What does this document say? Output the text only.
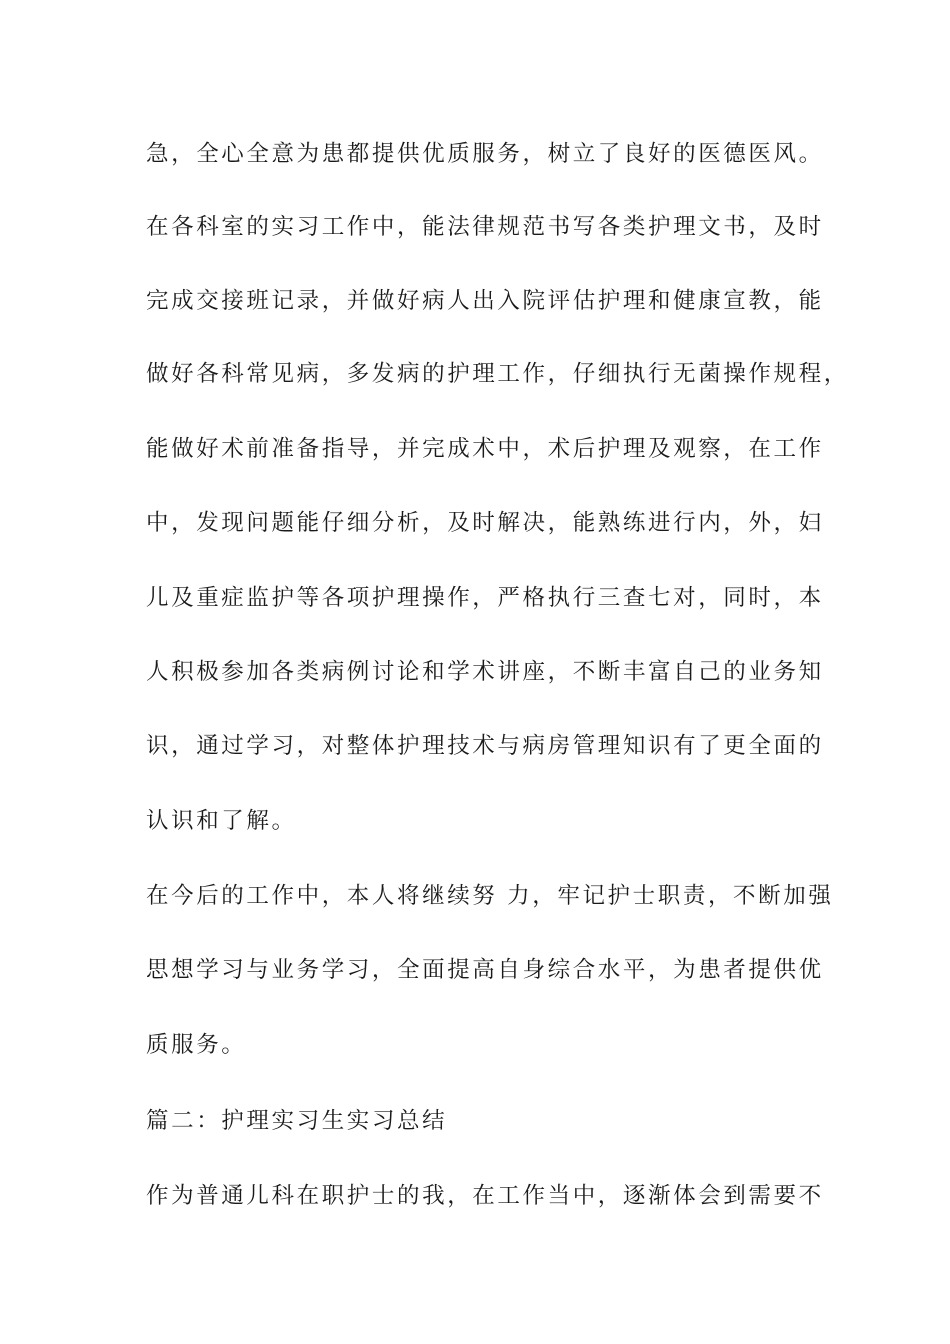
急，全心全意为患都提供优质服务，树立了良好的医德医风。
在各科室的实习工作中，能法律规范书写各类护理文书，及时
完成交接班记录，并做好病人出入院评估护理和健康宣教，能
做好各科常见病，多发病的护理工作，仔细执行无菌操作规程，
能做好术前准备指导，并完成术中，术后护理及观察，在工作
中，发现问题能仔细分析，及时解决，能熟练进行内，外，妇
儿及重症监护等各项护理操作，严格执行三查七对，同时，本
人积极参加各类病例讨论和学术讲座，不断丰富自己的业务知
识，通过学习，对整体护理技术与病房管理知识有了更全面的
认识和了解。
在今后的工作中，本人将继续努 力，牢记护士职责，不断加强
思想学习与业务学习，全面提高自身综合水平，为患者提供优
质服务。
篇二：护理实习生实习总结
作为普通儿科在职护士的我，在工作当中，逐渐体会到需要不
